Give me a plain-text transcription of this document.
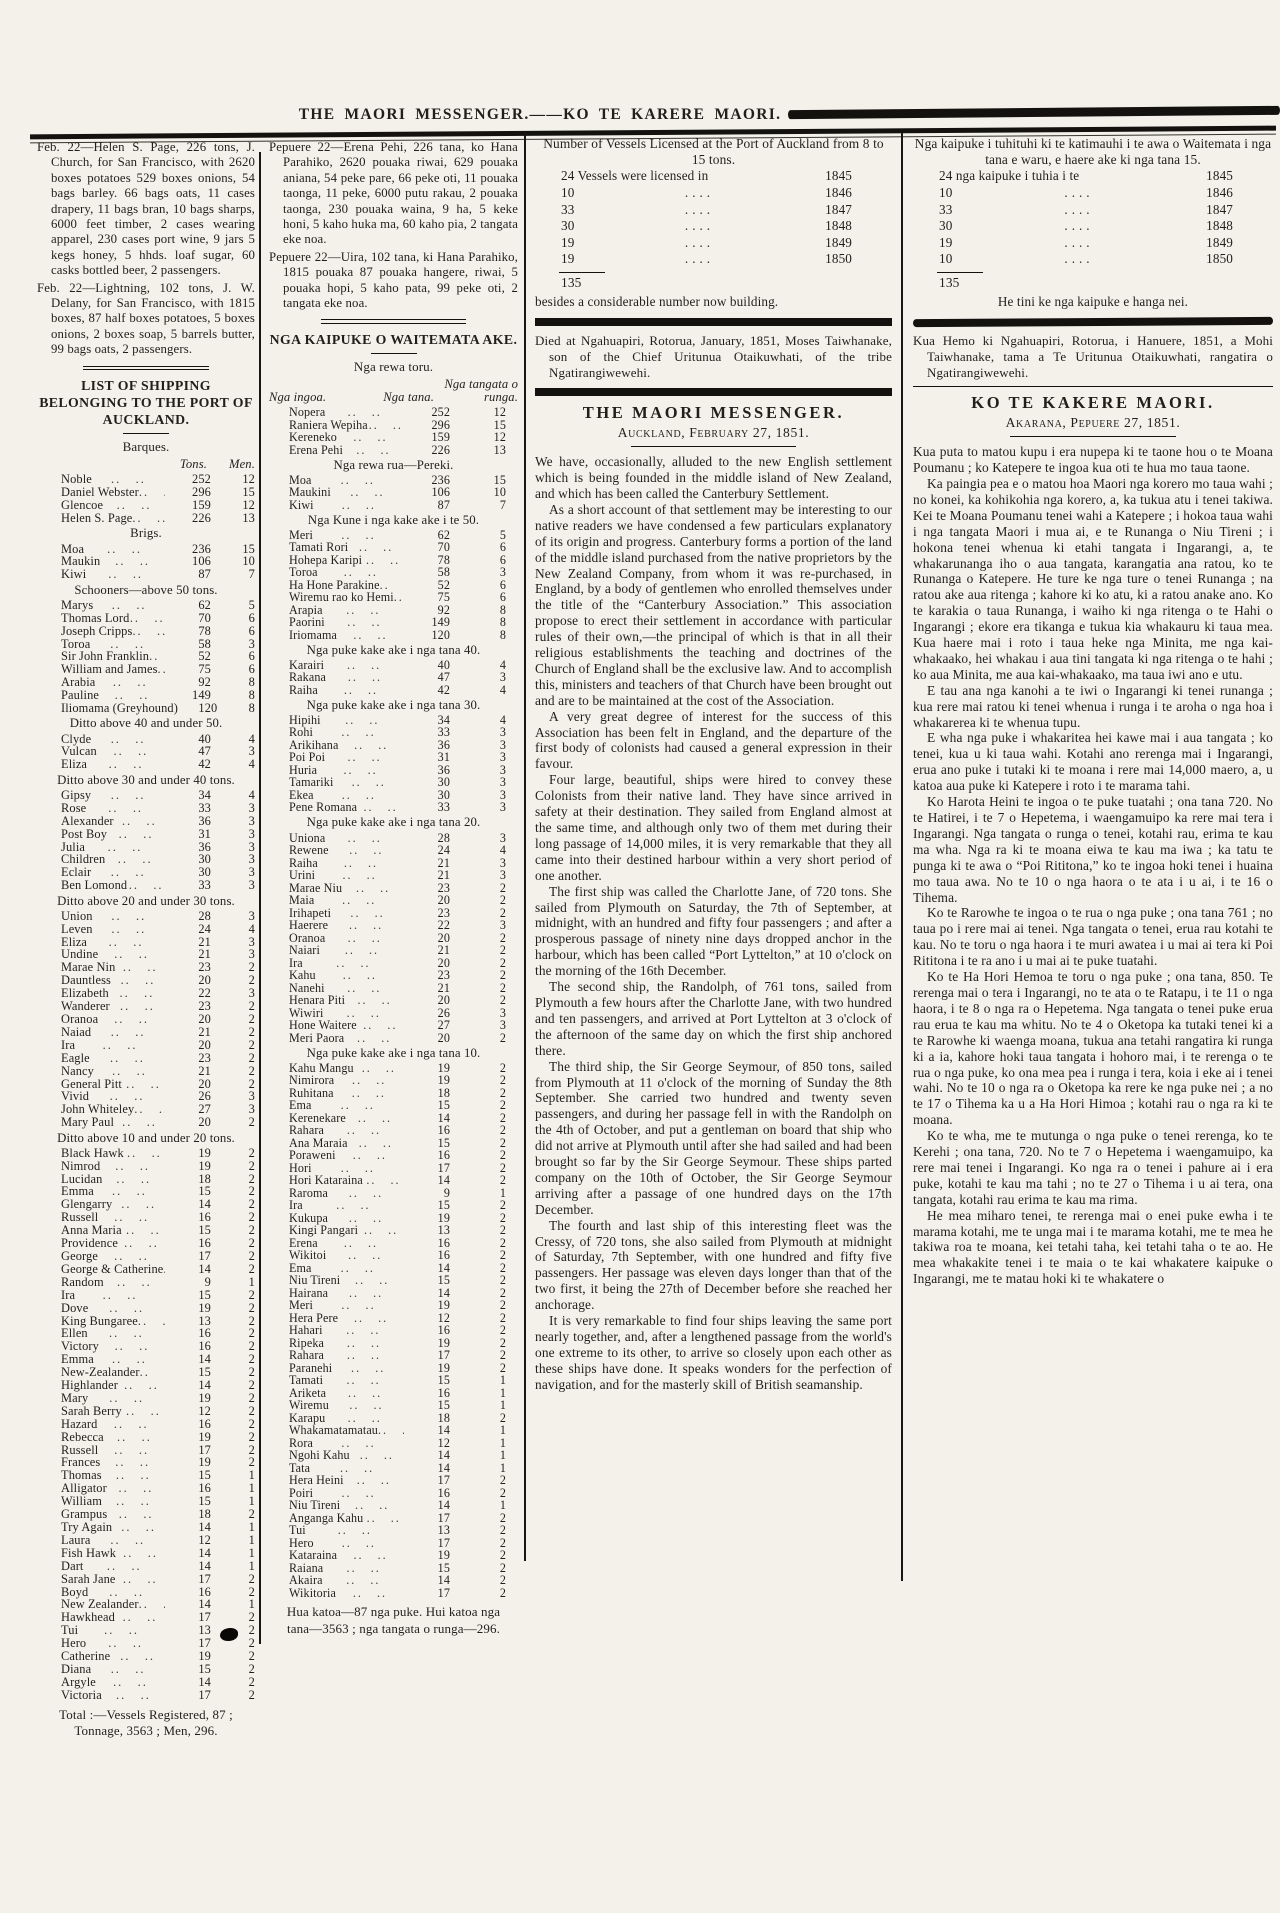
THE MAORI MESSENGER.——KO TE KARERE MAORI.

Feb. 22—Helen S. Page, 226 tons, J. Church, for San Francisco, with 2620 boxes potatoes 529 boxes onions, 54 bags barley. 66 bags oats, 11 cases drapery, 11 bags bran, 10 bags sharps, 6000 feet timber, 2 cases wearing apparel, 230 cases port wine, 9 jars 5 kegs honey, 5 hhds. loaf sugar, 60 casks bottled beer, 2 passengers.

Feb. 22—Lightning, 102 tons, J. W. Delany, for San Francisco, with 1815 boxes, 87 half boxes potatoes, 5 boxes onions, 2 boxes soap, 5 barrels butter, 99 bags oats, 2 passengers.

LIST OF SHIPPING BELONGING TO THE PORT OF AUCKLAND.
Barques.
Tons.	Men.
Noble .. ..	252	12
Daniel Webster .. ..	296	15
Glencoe .. ..	159	12
Helen S. Page .. ..	226	13
Brigs.
Moa .. ..	236	15
Maukin .. ..	106	10
Kiwi .. ..	87	7
Schooners—above 50 tons.
Marys .. ..	62	5
Thomas Lord .. ..	70	6
Joseph Cripps .. ..	78	6
Toroa .. ..	58	3
Sir John Franklin .. ..	52	6
William and James .. ..	75	6
Arabia .. ..	92	8
Pauline .. ..	149	8
Iliomama (Greyhound)	120	8
Ditto above 40 and under 50.
Clyde .. ..	40	4
Vulcan .. ..	47	3
Eliza .. ..	42	4
Ditto above 30 and under 40 tons.
Gipsy .. ..	34	4
Rose .. ..	33	3
Alexander .. ..	36	3
Post Boy .. ..	31	3
Julia .. ..	36	3
Children .. ..	30	3
Eclair .. ..	30	3
Ben Lomond .. ..	33	3
Ditto above 20 and under 30 tons.
Union .. ..	28	3
Leven .. ..	24	4
Eliza .. ..	21	3
Undine .. ..	21	3
Marae Nin .. ..	23	2
Dauntless .. ..	20	2
Elizabeth .. ..	22	3
Wanderer .. ..	23	2
Oranoa .. ..	20	2
Naiad .. ..	21	2
Ira .. ..	20	2
Eagle .. ..	23	2
Nancy .. ..	21	2
General Pitt .. ..	20	2
Vivid .. ..	26	3
John Whiteley .. ..	27	3
Mary Paul .. ..	20	2
Ditto above 10 and under 20 tons.
Black Hawk .. ..	19	2
Nimrod .. ..	19	2
Lucidan .. ..	18	2
Emma .. ..	15	2
Glengarry .. ..	14	2
Russell .. ..	16	2
Anna Maria .. ..	15	2
Providence .. ..	16	2
George .. ..	17	2
George & Catherine .. ..	14	2
Random .. ..	9	1
Ira .. ..	15	2
Dove .. ..	19	2
King Bungaree .. ..	13	2
Ellen .. ..	16	2
Victory .. ..	16	2
Emma .. ..	14	2
New-Zealander .. ..	15	2
Highlander .. ..	14	2
Mary .. ..	19	2
Sarah Berry .. ..	12	2
Hazard .. ..	16	2
Rebecca .. ..	19	2
Russell .. ..	17	2
Frances .. ..	19	2
Thomas .. ..	15	1
Alligator .. ..	16	1
William .. ..	15	1
Grampus .. ..	18	2
Try Again .. ..	14	1
Laura .. ..	12	1
Fish Hawk .. ..	14	1
Dart .. ..	14	1
Sarah Jane .. ..	17	2
Boyd .. ..	16	2
New Zealander .. ..	14	1
Hawkhead .. ..	17	2
Tui .. ..	13	2
Hero .. ..	17	2
Catherine .. ..	19	2
Diana .. ..	15	2
Argyle .. ..	14	2
Victoria .. ..	17	2
Total :—Vessels Registered, 87 ; Tonnage, 3563 ; Men, 296.

Pepuere 22—Erena Pehi, 226 tana, ko Hana Parahiko, 2620 pouaka riwai, 629 pouaka aniana, 54 peke pare, 66 peke oti, 11 pouaka taonga, 11 peke, 6000 putu rakau, 2 pouaka taonga, 230 pouaka waina, 9 ha, 5 keke honi, 5 kaho huka ma, 60 kaho pia, 2 tangata eke noa.

Pepuere 22—Uira, 102 tana, ki Hana Parahiko, 1815 pouaka 87 pouaka hangere, riwai, 5 pouaka hopi, 5 kaho pata, 99 peke oti, 2 tangata eke noa.

NGA KAIPUKE O WAITEMATA AKE.
Nga rewa toru.
Nga ingoa.	Nga tana.
Nga tangata o runga.
Nopera .. ..	252	12
Raniera Wepiha .. ..	296	15
Kereneko .. ..	159	12
Erena Pehi .. ..	226	13
Nga rewa rua—Pereki.
Moa .. ..	236	15
Maukini .. ..	106	10
Kiwi .. ..	87	7
Nga Kune i nga kake ake i te 50.
Meri .. ..	62	5
Tamati Rori .. ..	70	6
Hohepa Karipi .. ..	78	6
Toroa .. ..	58	3
Ha Hone Parakine .. ..	52	6
Wiremu rao ko Hemi .. ..	75	6
Arapia .. ..	92	8
Paorini .. ..	149	8
Iriomama .. ..	120	8
Nga puke kake ake i nga tana 40.
Karairi .. ..	40	4
Rakana .. ..	47	3
Raiha .. ..	42	4
Nga puke kake ake i nga tana 30.
Hipihi .. ..	34	4
Rohi .. ..	33	3
Arikihana .. ..	36	3
Poi Poi .. ..	31	3
Huria .. ..	36	3
Tamariki .. ..	30	3
Ekea .. ..	30	3
Pene Romana .. ..	33	3
Nga puke kake ake i nga tana 20.
Uniona .. ..	28	3
Rewene .. ..	24	4
Raiha .. ..	21	3
Urini .. ..	21	3
Marae Niu .. ..	23	2
Maia .. ..	20	2
Irihapeti .. ..	23	2
Haerere .. ..	22	3
Oranoa .. ..	20	2
Naiari .. ..	21	2
Ira .. ..	20	2
Kahu .. ..	23	2
Nanehi .. ..	21	2
Henara Piti .. ..	20	2
Wiwiri .. ..	26	3
Hone Waitere .. ..	27	3
Meri Paora .. ..	20	2
Nga puke kake ake i nga tana 10.
Kahu Mangu .. ..	19	2
Nimirora .. ..	19	2
Ruhitana .. ..	18	2
Ema .. ..	15	2
Kerenekare .. ..	14	2
Rahara .. ..	16	2
Ana Maraia .. ..	15	2
Poraweni .. ..	16	2
Hori .. ..	17	2
Hori Kataraina .. ..	14	2
Raroma .. ..	9	1
Ira .. ..	15	2
Kukupa .. ..	19	2
Kingi Pangari .. ..	13	2
Erena .. ..	16	2
Wikitoi .. ..	16	2
Ema .. ..	14	2
Niu Tireni .. ..	15	2
Hairana .. ..	14	2
Meri .. ..	19	2
Hera Pere .. ..	12	2
Hahari .. ..	16	2
Ripeka .. ..	19	2
Rahara .. ..	17	2
Paranehi .. ..	19	2
Tamati .. ..	15	1
Ariketa .. ..	16	1
Wiremu .. ..	15	1
Karapu .. ..	18	2
Whakamatamatau .. ..	14	1
Rora .. ..	12	1
Ngohi Kahu .. ..	14	1
Tata .. ..	14	1
Hera Heini .. ..	17	2
Poiri .. ..	16	2
Niu Tireni .. ..	14	1
Anganga Kahu .. ..	17	2
Tui .. ..	13	2
Hero .. ..	17	2
Kataraina .. ..	19	2
Raiana .. ..	15	2
Akaira .. ..	14	2
Wikitoria .. ..	17	2
Hua katoa—87 nga puke. Hui katoa nga tana—3563 ; nga tangata o runga—296.
Number of Vessels Licensed at the Port of Auckland from 8 to 15 tons.
24 Vessels were licensed in	1845
10 ....	1846
33 ....	1847
30 ....	1848
19 ....	1849
19 ....	1850
135
besides a considerable number now building.

Died at Ngahuapiri, Rotorua, January, 1851, Moses Taiwhanake, son of the Chief Uritunua Otaikuwhati, of the tribe Ngatirangiwewehi.

THE MAORI MESSENGER.
Auckland, February 27, 1851.

We have, occasionally, alluded to the new English settlement which is being founded in the middle island of New Zealand, and which has been called the Canterbury Settlement.

As a short account of that settlement may be interesting to our native readers we have condensed a few particulars explanatory of its origin and progress. Canterbury forms a portion of the land of the middle island purchased from the native proprietors by the New Zealand Company, from whom it was re-purchased, in England, by a body of gentlemen who enrolled themselves under the title of the “Canterbury Association.” This association propose to erect their settlement in accordance with particular rules of their own,—the principal of which is that in all their religious establishments the teaching and doctrines of the Church of England shall be the exclusive law. And to accomplish this, ministers and teachers of that Church have been brought out and are to be maintained at the cost of the Association.

A very great degree of interest for the success of this Association has been felt in England, and the departure of the first body of colonists had caused a general expression in their favour.

Four large, beautiful, ships were hired to convey these Colonists from their native land. They have since arrived in safety at their destination. They sailed from England almost at the same time, and although only two of them met during their long passage of 14,000 miles, it is very remarkable that they all came into their destined harbour within a very short period of one another.

The first ship was called the Charlotte Jane, of 720 tons. She sailed from Plymouth on Saturday, the 7th of September, at midnight, with an hundred and fifty four passengers ; and after a prosperous passage of ninety nine days dropped anchor in the harbour, which has been called “Port Lyttelton,” at 10 o'clock on the morning of the 16th December.

The second ship, the Randolph, of 761 tons, sailed from Plymouth a few hours after the Charlotte Jane, with two hundred and ten passengers, and arrived at Port Lyttelton at 3 o'clock of the afternoon of the same day on which the first ship anchored there.

The third ship, the Sir George Seymour, of 850 tons, sailed from Plymouth at 11 o'clock of the morning of Sunday the 8th September. She carried two hundred and twenty seven passengers, and during her passage fell in with the Randolph on the 4th of October, and put a gentleman on board that ship who did not arrive at Plymouth until after she had sailed and had been brought so far by the Sir George Seymour. These ships parted company on the 10th of October, the Sir George Seymour arriving after a passage of one hundred days on the 17th December.

The fourth and last ship of this interesting fleet was the Cressy, of 720 tons, she also sailed from Plymouth at midnight of Saturday, 7th September, with one hundred and fifty five passengers. Her passage was eleven days longer than that of the two first, it being the 27th of December before she reached her anchorage.

It is very remarkable to find four ships leaving the same port nearly together, and, after a lengthened passage from the world's one extreme to its other, to arrive so closely upon each other as these ships have done. It speaks wonders for the perfection of navigation, and for the masterly skill of British seamanship.

Nga kaipuke i tuhituhi ki te katimauhi i te awa o Waitemata i nga tana e waru, e haere ake ki nga tana 15.
24 nga kaipuke i tuhia i te	1845
10 ....	1846
33 ....	1847
30 ....	1848
19 ....	1849
10 ....	1850
135
He tini ke nga kaipuke e hanga nei.

Kua Hemo ki Ngahuapiri, Rotorua, i Hanuere, 1851, a Mohi Taiwhanake, tama a Te Uritunua Otaikuwhati, rangatira o Ngatirangiwewehi.

KO TE KAKERE MAORI.
Akarana, Pepuere 27, 1851.

Kua puta to matou kupu i era nupepa ki te taone hou o te Moana Poumanu ; ko Katepere te ingoa kua oti te hua mo taua taone.

Ka paingia pea e o matou hoa Maori nga korero mo taua wahi ; no konei, ka kohikohia nga korero, a, ka tukua atu i tenei takiwa. Kei te Moana Poumanu tenei wahi a Katepere ; i hokoa taua wahi i nga tangata Maori i mua ai, e te Runanga o Niu Tireni ; i hokona tenei whenua ki etahi tangata i Ingarangi, a, te whakarunanga iho o aua tangata, karangatia ana ratou, ko te Runanga o Katepere. He ture ke nga ture o tenei Runanga ; na ratou ake aua ritenga ; kahore ki ko atu, ki a ratou anake ano. Ko te karakia o taua Runanga, i waiho ki nga ritenga o te Hahi o Ingarangi ; ekore era tikanga e tukua kia whakauru ki taua mea. Kua haere mai i roto i taua heke nga Minita, me nga kai-whakaako, hei whakau i aua tini tangata ki nga ritenga o te hahi ; ko aua Minita, me aua kai-whakaako, ma taua iwi ano e utu.

E tau ana nga kanohi a te iwi o Ingarangi ki tenei runanga ; kua rere mai ratou ki tenei whenua i runga i te aroha o nga hoa i whakarerea ki te whenua tupu.

E wha nga puke i whakaritea hei kawe mai i aua tangata ; ko tenei, kua u ki taua wahi. Kotahi ano rerenga mai i Ingarangi, erua ano puke i tutaki ki te moana i rere mai 14,000 maero, a, u katoa aua puke ki Katepere i roto i te marama tahi.

Ko Harota Heini te ingoa o te puke tuatahi ; ona tana 720. No te Hatirei, i te 7 o Hepetema, i waengamuipo ka rere mai tera i Ingarangi. Nga tangata o runga o tenei, kotahi rau, erima te kau ma wha. Nga ra ki te moana eiwa te kau ma iwa ; ka tatu te punga ki te awa o “Poi Rititona,” ko te ingoa hoki tenei i huaina mo taua awa. No te 10 o nga haora o te ata i u ai, i te 16 o Tihema.

Ko te Rarowhe te ingoa o te rua o nga puke ; ona tana 761 ; no taua po i rere mai ai tenei. Nga tangata o tenei, erua rau kotahi te kau. No te toru o nga haora i te muri awatea i u mai ai tera ki Poi Rititona i te ra ano i u mai ai te puke tuatahi.

Ko te Ha Hori Hemoa te toru o nga puke ; ona tana, 850. Te rerenga mai o tera i Ingarangi, no te ata o te Ratapu, i te 11 o nga haora, i te 8 o nga ra o Hepetema. Nga tangata o tenei puke erua rau erua te kau ma whitu. No te 4 o Oketopa ka tutaki tenei ki a te Rarowhe ki waenga moana, tukua ana tetahi rangatira ki runga ki a ia, kahore hoki taua tangata i hohoro mai, i te rerenga o te rua o nga puke, ko ona mea pea i runga i tera, koia i eke ai i tenei wahi. No te 10 o nga ra o Oketopa ka rere ke nga puke nei ; a no te 17 o Tihema ka u a Ha Hori Himoa ; kotahi rau o nga ra ki te moana.

Ko te wha, me te mutunga o nga puke o tenei rerenga, ko te Kerehi ; ona tana, 720. No te 7 o Hepetema i waengamuipo, ka rere mai tenei i Ingarangi. Ko nga ra o tenei i pahure ai i era puke, kotahi te kau ma tahi ; no te 27 o Tihema i u ai tera, ona tangata, kotahi rau erima te kau ma rima.

He mea miharo tenei, te rerenga mai o enei puke ewha i te marama kotahi, me te unga mai i te marama kotahi, me te mea he takiwa roa te moana, kei tetahi taha, kei tetahi taha o te ao. He mea whakakite tenei i te maia o te kai whakatere kaipuke o Ingarangi, me te matau hoki ki te whakatere o
